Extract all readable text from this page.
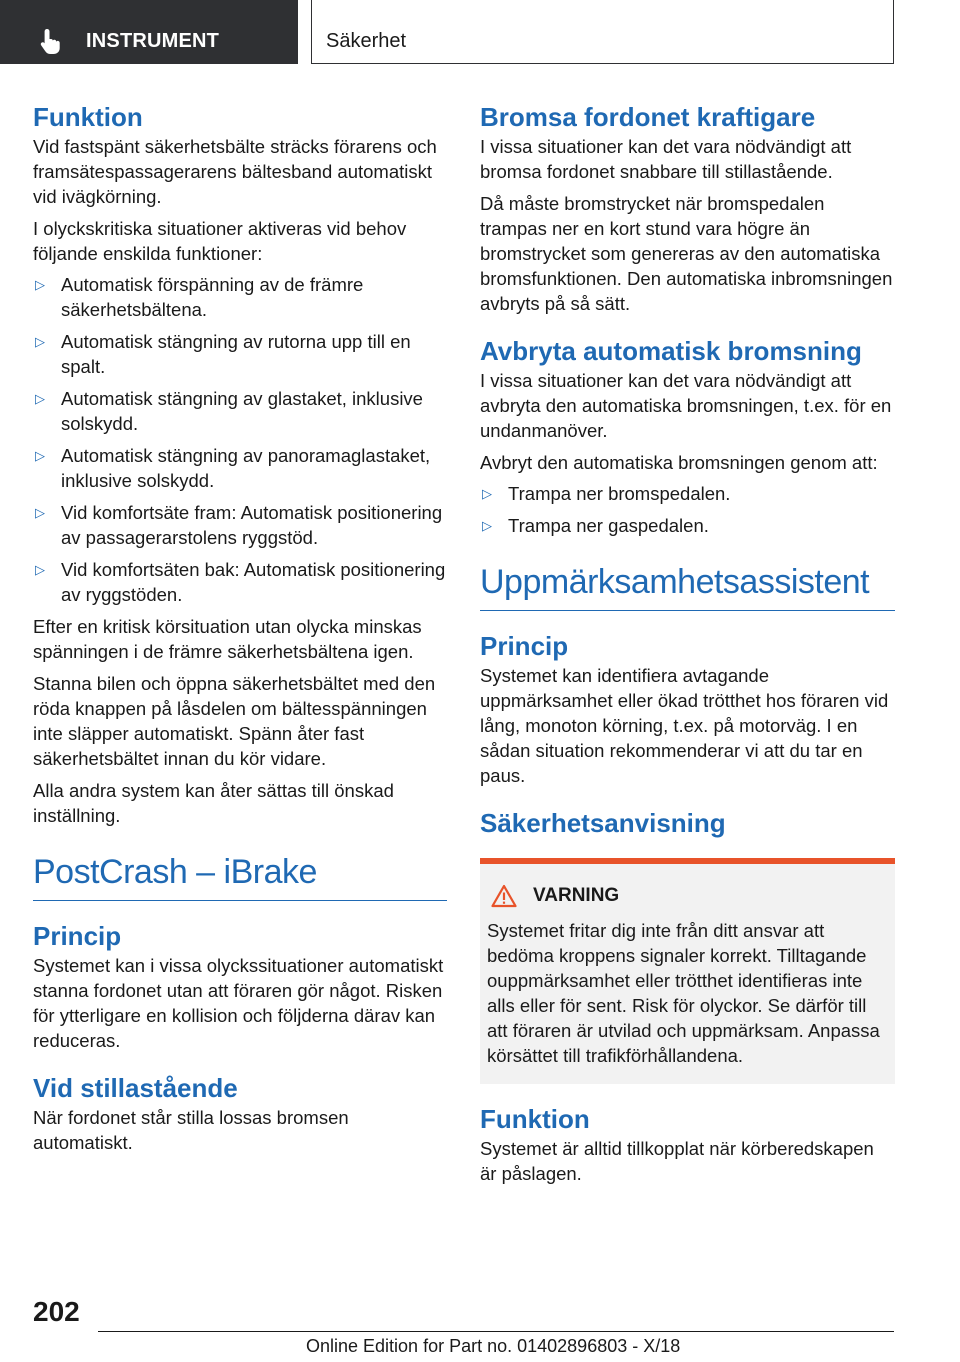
INSTRUMENT	Säkerhet
Funktion

Vid fastspänt säkerhetsbälte sträcks förarens och framsätespassagerarens bältesband automatiskt vid ivägkörning.

I olyckskritiska situationer aktiveras vid behov följande enskilda funktioner:

▷ Automatisk förspänning av de främre säkerhetsbältena.
▷ Automatisk stängning av rutorna upp till en spalt.
▷ Automatisk stängning av glastaket, inklusive solskydd.
▷ Automatisk stängning av panoramaglastaket, inklusive solskydd.
▷ Vid komfortsäte fram: Automatisk positionering av passagerarstolens ryggstöd.
▷ Vid komfortsäten bak: Automatisk positionering av ryggstöden.

Efter en kritisk körsituation utan olycka minskas spänningen i de främre säkerhetsbältena igen.

Stanna bilen och öppna säkerhetsbältet med den röda knappen på låsdelen om bältesspänningen inte släpper automatiskt. Spänn åter fast säkerhetsbältet innan du kör vidare.

Alla andra system kan åter sättas till önskad inställning.

PostCrash – iBrake
Princip

Systemet kan i vissa olyckssituationer automatiskt stanna fordonet utan att föraren gör något. Risken för ytterligare en kollision och följderna därav kan reduceras.

Vid stillastående

När fordonet står stilla lossas bromsen automatiskt.

Bromsa fordonet kraftigare

I vissa situationer kan det vara nödvändigt att bromsa fordonet snabbare till stillastående.

Då måste bromstrycket när bromspedalen trampas ner en kort stund vara högre än bromstrycket som genereras av den automatiska bromsfunktionen. Den automatiska inbromsningen avbryts på så sätt.

Avbryta automatisk bromsning

I vissa situationer kan det vara nödvändigt att avbryta den automatiska bromsningen, t.ex. för en undanmanöver.

Avbryt den automatiska bromsningen genom att:

▷ Trampa ner bromspedalen.
▷ Trampa ner gaspedalen.
Uppmärksamhetsassistent
Princip

Systemet kan identifiera avtagande uppmärksamhet eller ökad trötthet hos föraren vid lång, monoton körning, t.ex. på motorväg. I en sådan situation rekommenderar vi att du tar en paus.

Säkerhetsanvisning
VARNING
Systemet fritar dig inte från ditt ansvar att bedöma kroppens signaler korrekt. Tilltagande ouppmärksamhet eller trötthet identifieras inte alls eller för sent. Risk för olyckor. Se därför till att föraren är utvilad och uppmärksam. Anpassa körsättet till trafikförhållandena.
Funktion

Systemet är alltid tillkopplat när körberedskapen är påslagen.

202
Online Edition for Part no. 01402896803 - X/18
